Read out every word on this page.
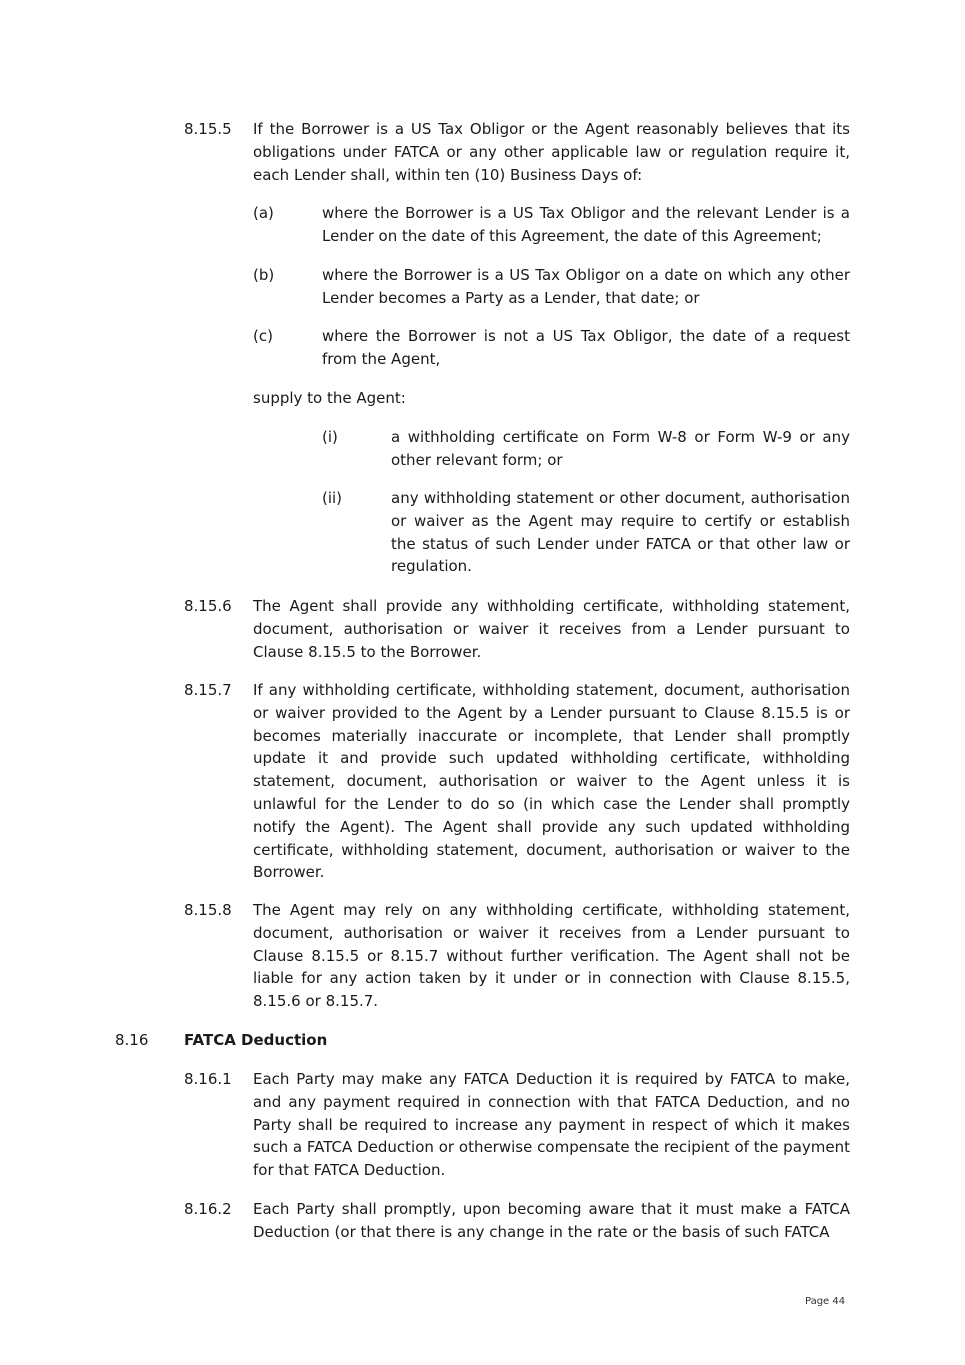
8.15.5 If the Borrower is a US Tax Obligor or the Agent reasonably believes that its obligations under FATCA or any other applicable law or regulation require it, each Lender shall, within ten (10) Business Days of:
(a)	where the Borrower is a US Tax Obligor and the relevant Lender is a Lender on the date of this Agreement, the date of this Agreement;
(b)	where the Borrower is a US Tax Obligor on a date on which any other Lender becomes a Party as a Lender, that date; or
(c)	where the Borrower is not a US Tax Obligor, the date of a request from the Agent,
supply to the Agent:
(i)	a withholding certificate on Form W-8 or Form W-9 or any other relevant form; or
(ii)	any withholding statement or other document, authorisation or waiver as the Agent may require to certify or establish the status of such Lender under FATCA or that other law or regulation.
8.15.6 The Agent shall provide any withholding certificate, withholding statement, document, authorisation or waiver it receives from a Lender pursuant to Clause 8.15.5 to the Borrower.
8.15.7 If any withholding certificate, withholding statement, document, authorisation or waiver provided to the Agent by a Lender pursuant to Clause 8.15.5 is or becomes materially inaccurate or incomplete, that Lender shall promptly update it and provide such updated withholding certificate, withholding statement, document, authorisation or waiver to the Agent unless it is unlawful for the Lender to do so (in which case the Lender shall promptly notify the Agent). The Agent shall provide any such updated withholding certificate, withholding statement, document, authorisation or waiver to the Borrower.
8.15.8 The Agent may rely on any withholding certificate, withholding statement, document, authorisation or waiver it receives from a Lender pursuant to Clause 8.15.5 or 8.15.7 without further verification. The Agent shall not be liable for any action taken by it under or in connection with Clause 8.15.5, 8.15.6 or 8.15.7.
8.16 FATCA Deduction
8.16.1 Each Party may make any FATCA Deduction it is required by FATCA to make, and any payment required in connection with that FATCA Deduction, and no Party shall be required to increase any payment in respect of which it makes such a FATCA Deduction or otherwise compensate the recipient of the payment for that FATCA Deduction.
8.16.2 Each Party shall promptly, upon becoming aware that it must make a FATCA Deduction (or that there is any change in the rate or the basis of such FATCA
Page 44
